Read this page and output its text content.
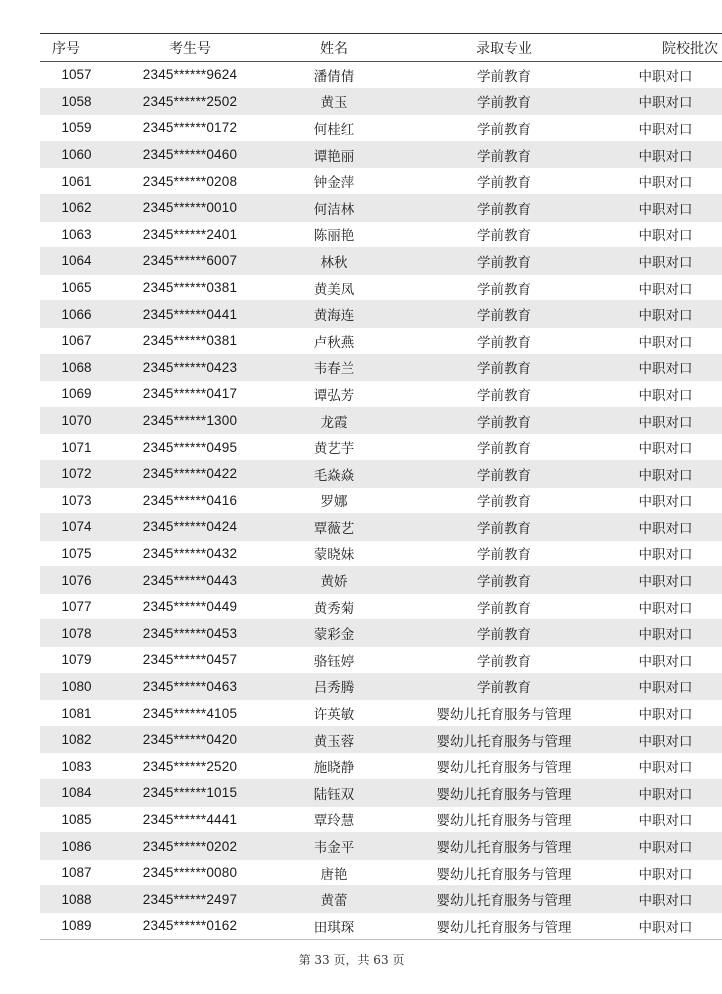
序号	考生号	姓名	录取专业	院校批次
1057	2345******9624	潘倩倩	学前教育	中职对口
1058	2345******2502	黄玉	学前教育	中职对口
1059	2345******0172	何桂红	学前教育	中职对口
1060	2345******0460	谭艳丽	学前教育	中职对口
1061	2345******0208	钟金萍	学前教育	中职对口
1062	2345******0010	何洁林	学前教育	中职对口
1063	2345******2401	陈丽艳	学前教育	中职对口
1064	2345******6007	林秋	学前教育	中职对口
1065	2345******0381	黄美凤	学前教育	中职对口
1066	2345******0441	黄海连	学前教育	中职对口
1067	2345******0381	卢秋燕	学前教育	中职对口
1068	2345******0423	韦春兰	学前教育	中职对口
1069	2345******0417	谭弘芳	学前教育	中职对口
1070	2345******1300	龙霞	学前教育	中职对口
1071	2345******0495	黄艺芋	学前教育	中职对口
1072	2345******0422	毛焱焱	学前教育	中职对口
1073	2345******0416	罗娜	学前教育	中职对口
1074	2345******0424	覃薇艺	学前教育	中职对口
1075	2345******0432	蒙晓妹	学前教育	中职对口
1076	2345******0443	黄娇	学前教育	中职对口
1077	2345******0449	黄秀菊	学前教育	中职对口
1078	2345******0453	蒙彩金	学前教育	中职对口
1079	2345******0457	骆钰婷	学前教育	中职对口
1080	2345******0463	吕秀腾	学前教育	中职对口
1081	2345******4105	许英敏	婴幼儿托育服务与管理	中职对口
1082	2345******0420	黄玉蓉	婴幼儿托育服务与管理	中职对口
1083	2345******2520	施晓静	婴幼儿托育服务与管理	中职对口
1084	2345******1015	陆钰双	婴幼儿托育服务与管理	中职对口
1085	2345******4441	覃玲慧	婴幼儿托育服务与管理	中职对口
1086	2345******0202	韦金平	婴幼儿托育服务与管理	中职对口
1087	2345******0080	唐艳	婴幼儿托育服务与管理	中职对口
1088	2345******2497	黄蕾	婴幼儿托育服务与管理	中职对口
1089	2345******0162	田琪琛	婴幼儿托育服务与管理	中职对口
第 33 页，共 63 页
